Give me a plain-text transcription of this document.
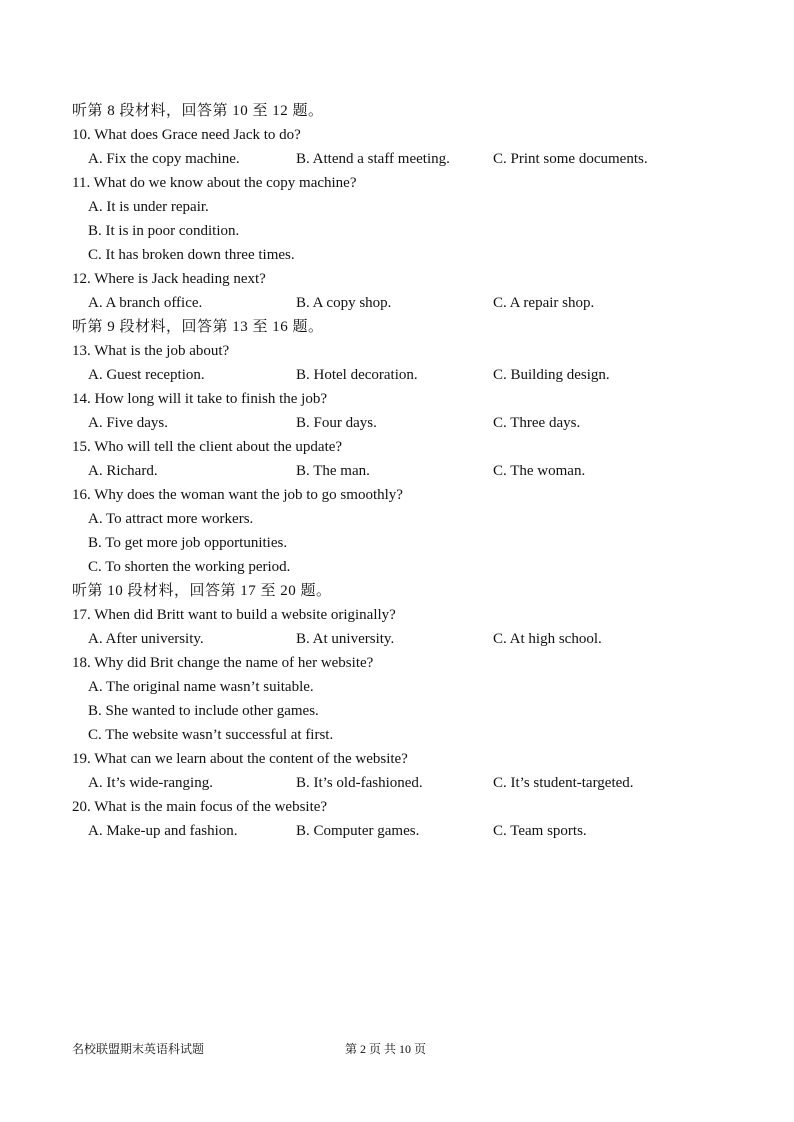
听第 8 段材料，回答第 10 至 12 题。
10. What does Grace need Jack to do?
A. Fix the copy machine.	B. Attend a staff meeting.	C. Print some documents.
11. What do we know about the copy machine?
A. It is under repair.
B. It is in poor condition.
C. It has broken down three times.
12. Where is Jack heading next?
A. A branch office.	B. A copy shop.	C. A repair shop.
听第 9 段材料，回答第 13 至 16 题。
13. What is the job about?
A. Guest reception.	B. Hotel decoration.	C. Building design.
14. How long will it take to finish the job?
A. Five days.	B. Four days.	C. Three days.
15. Who will tell the client about the update?
A. Richard.	B. The man.	C. The woman.
16. Why does the woman want the job to go smoothly?
A. To attract more workers.
B. To get more job opportunities.
C. To shorten the working period.
听第 10 段材料，回答第 17 至 20 题。
17. When did Britt want to build a website originally?
A. After university.	B. At university.	C. At high school.
18. Why did Brit change the name of her website?
A. The original name wasn’t suitable.
B. She wanted to include other games.
C. The website wasn’t successful at first.
19. What can we learn about the content of the website?
A. It’s wide-ranging.	B. It’s old-fashioned.	C. It’s student-targeted.
20. What is the main focus of the website?
A. Make-up and fashion.	B. Computer games.	C. Team sports.
名校联盟期末英语科试题	第 2 页 共 10 页
